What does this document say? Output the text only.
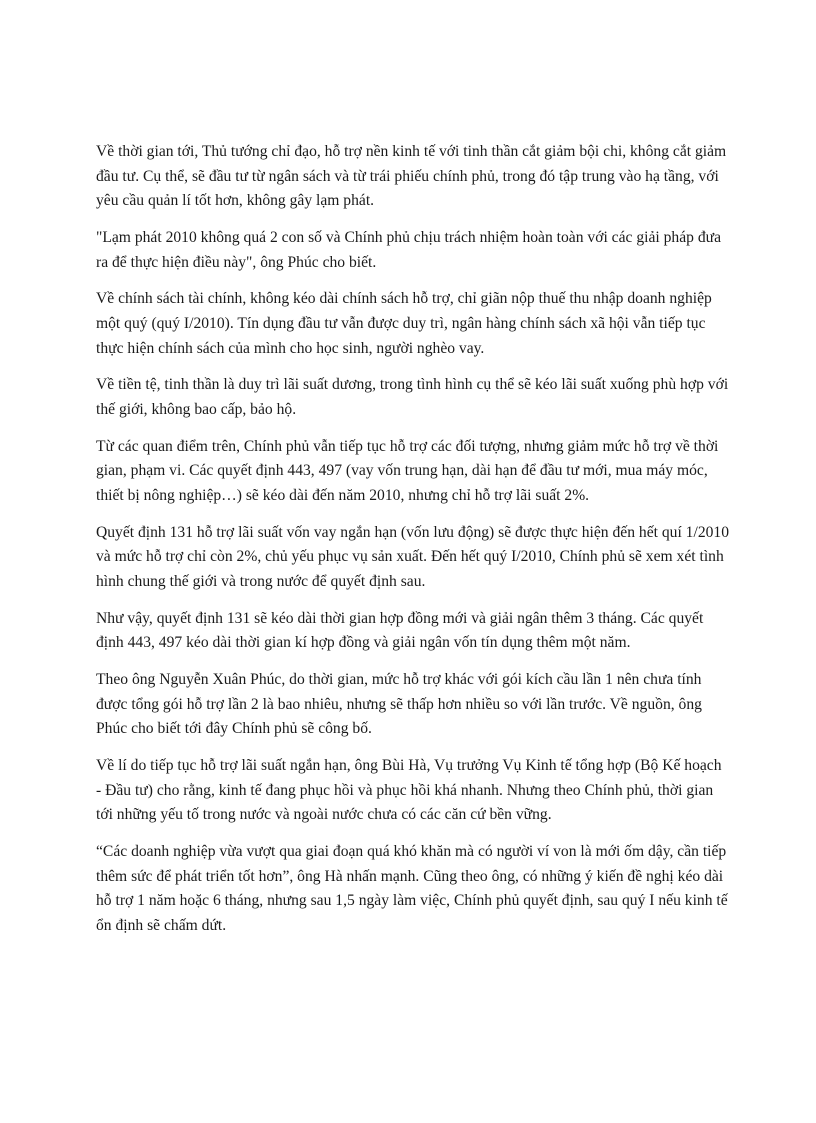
Về thời gian tới, Thủ tướng chỉ đạo, hỗ trợ nền kinh tế với tinh thần cắt giảm bội chi, không cắt giảm đầu tư. Cụ thể, sẽ đầu tư từ ngân sách và từ trái phiếu chính phủ, trong đó tập trung vào hạ tầng, với yêu cầu quản lí tốt hơn, không gây lạm phát.

"Lạm phát 2010 không quá 2 con số và Chính phủ chịu trách nhiệm hoàn toàn với các giải pháp đưa ra để thực hiện điều này", ông Phúc cho biết.

Về chính sách tài chính, không kéo dài chính sách hỗ trợ, chỉ giãn nộp thuế thu nhập doanh nghiệp một quý (quý I/2010). Tín dụng đầu tư vẫn được duy trì, ngân hàng chính sách xã hội vẫn tiếp tục thực hiện chính sách của mình cho học sinh, người nghèo vay.

Về tiền tệ, tinh thần là duy trì lãi suất dương, trong tình hình cụ thể sẽ kéo lãi suất xuống phù hợp với thế giới, không bao cấp, bảo hộ.

Từ các quan điểm trên, Chính phủ vẫn tiếp tục hỗ trợ các đối tượng, nhưng giảm mức hỗ trợ về thời gian, phạm vi. Các quyết định 443, 497 (vay vốn trung hạn, dài hạn để đầu tư mới, mua máy móc, thiết bị nông nghiệp…) sẽ kéo dài đến năm 2010, nhưng chỉ hỗ trợ lãi suất 2%.

Quyết định 131 hỗ trợ lãi suất vốn vay ngắn hạn (vốn lưu động) sẽ được thực hiện đến hết quí 1/2010 và mức hỗ trợ chỉ còn 2%, chủ yếu phục vụ sản xuất. Đến hết quý I/2010, Chính phủ sẽ xem xét tình hình chung thế giới và trong nước để quyết định sau.

Như vậy, quyết định 131 sẽ kéo dài thời gian hợp đồng mới và giải ngân thêm 3 tháng. Các quyết định 443, 497 kéo dài thời gian kí hợp đồng và giải ngân vốn tín dụng thêm một năm.

Theo ông Nguyễn Xuân Phúc, do thời gian, mức hỗ trợ khác với gói kích cầu lần 1 nên chưa tính được tổng gói hỗ trợ lần 2 là bao nhiêu, nhưng sẽ thấp hơn nhiều so với lần trước. Về nguồn, ông Phúc cho biết tới đây Chính phủ sẽ công bố.

Về lí do tiếp tục hỗ trợ lãi suất ngắn hạn, ông Bùi Hà, Vụ trưởng Vụ Kinh tế tổng hợp (Bộ Kế hoạch - Đầu tư) cho rằng, kinh tế đang phục hồi và phục hồi khá nhanh. Nhưng theo Chính phủ, thời gian tới những yếu tố trong nước và ngoài nước chưa có các căn cứ bền vững.

“Các doanh nghiệp vừa vượt qua giai đoạn quá khó khăn mà có người ví von là mới ốm dậy, cần tiếp thêm sức để phát triển tốt hơn”, ông Hà nhấn mạnh. Cũng theo ông, có những ý kiến đề nghị kéo dài hỗ trợ 1 năm hoặc 6 tháng, nhưng sau 1,5 ngày làm việc, Chính phủ quyết định, sau quý I nếu kinh tế ổn định sẽ chấm dứt.
